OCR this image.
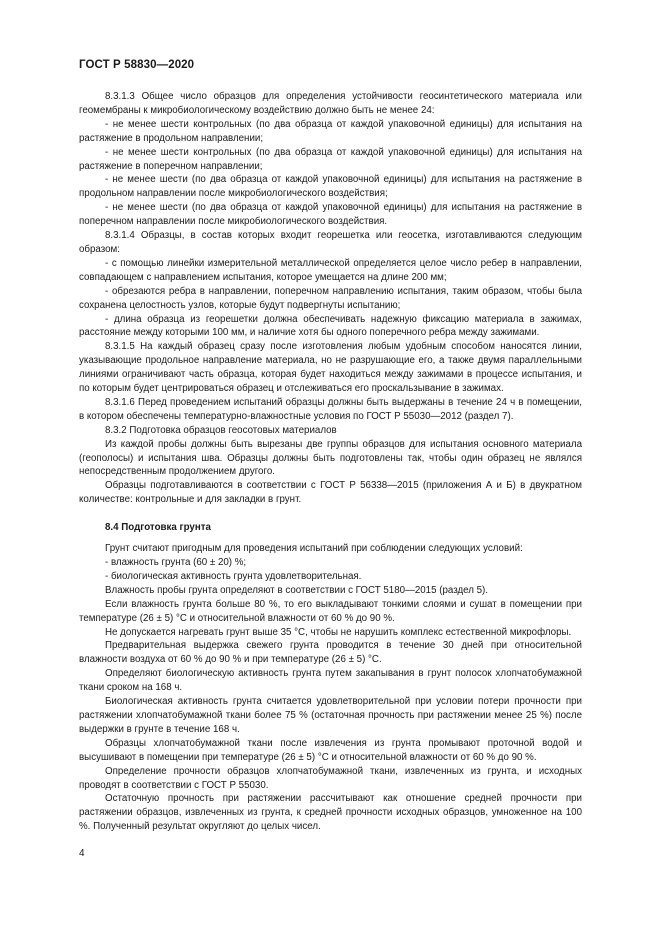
ГОСТ Р 58830—2020

8.3.1.3 Общее число образцов для определения устойчивости геосинтетического материала или геомембраны к микробиологическому воздействию должно быть не менее 24:

- не менее шести контрольных (по два образца от каждой упаковочной единицы) для испытания на растяжение в продольном направлении;

- не менее шести контрольных (по два образца от каждой упаковочной единицы) для испытания на растяжение в поперечном направлении;

- не менее шести (по два образца от каждой упаковочной единицы) для испытания на растяжение в продольном направлении после микробиологического воздействия;

- не менее шести (по два образца от каждой упаковочной единицы) для испытания на растяжение в поперечном направлении после микробиологического воздействия.

8.3.1.4 Образцы, в состав которых входит георешетка или геосетка, изготавливаются следующим образом:

- с помощью линейки измерительной металлической определяется целое число ребер в направлении, совпадающем с направлением испытания, которое умещается на длине 200 мм;

- обрезаются ребра в направлении, поперечном направлению испытания, таким образом, чтобы была сохранена целостность узлов, которые будут подвергнуты испытанию;

- длина образца из георешетки должна обеспечивать надежную фиксацию материала в зажимах, расстояние между которыми 100 мм, и наличие хотя бы одного поперечного ребра между зажимами.

8.3.1.5 На каждый образец сразу после изготовления любым удобным способом наносятся линии, указывающие продольное направление материала, но не разрушающие его, а также двумя параллельными линиями ограничивают часть образца, которая будет находиться между зажимами в процессе испытания, и по которым будет центрироваться образец и отслеживаться его проскальзывание в зажимах.

8.3.1.6 Перед проведением испытаний образцы должны быть выдержаны в течение 24 ч в помещении, в котором обеспечены температурно-влажностные условия по ГОСТ Р 55030—2012 (раздел 7).

8.3.2 Подготовка образцов геосотовых материалов

Из каждой пробы должны быть вырезаны две группы образцов для испытания основного материала (геополосы) и испытания шва. Образцы должны быть подготовлены так, чтобы один образец не являлся непосредственным продолжением другого.

Образцы подготавливаются в соответствии с ГОСТ Р 56338—2015 (приложения А и Б) в двукратном количестве: контрольные и для закладки в грунт.

8.4 Подготовка грунта

Грунт считают пригодным для проведения испытаний при соблюдении следующих условий:

- влажность грунта (60 ± 20) %;

- биологическая активность грунта удовлетворительная.

Влажность пробы грунта определяют в соответствии с ГОСТ 5180—2015 (раздел 5).

Если влажность грунта больше 80 %, то его выкладывают тонкими слоями и сушат в помещении при температуре (26 ± 5) °С и относительной влажности от 60 % до 90 %.

Не допускается нагревать грунт выше 35 °С, чтобы не нарушить комплекс естественной микрофлоры.

Предварительная выдержка свежего грунта проводится в течение 30 дней при относительной влажности воздуха от 60 % до 90 % и при температуре (26 ± 5) °С.

Определяют биологическую активность грунта путем закапывания в грунт полосок хлопчатобумажной ткани сроком на 168 ч.

Биологическая активность грунта считается удовлетворительной при условии потери прочности при растяжении хлопчатобумажной ткани более 75 % (остаточная прочность при растяжении менее 25 %) после выдержки в грунте в течение 168 ч.

Образцы хлопчатобумажной ткани после извлечения из грунта промывают проточной водой и высушивают в помещении при температуре (26 ± 5) °С и относительной влажности от 60 % до 90 %.

Определение прочности образцов хлопчатобумажной ткани, извлеченных из грунта, и исходных проводят в соответствии с ГОСТ Р 55030.

Остаточную прочность при растяжении рассчитывают как отношение средней прочности при растяжении образцов, извлеченных из грунта, к средней прочности исходных образцов, умноженное на 100 %. Полученный результат округляют до целых чисел.

4
